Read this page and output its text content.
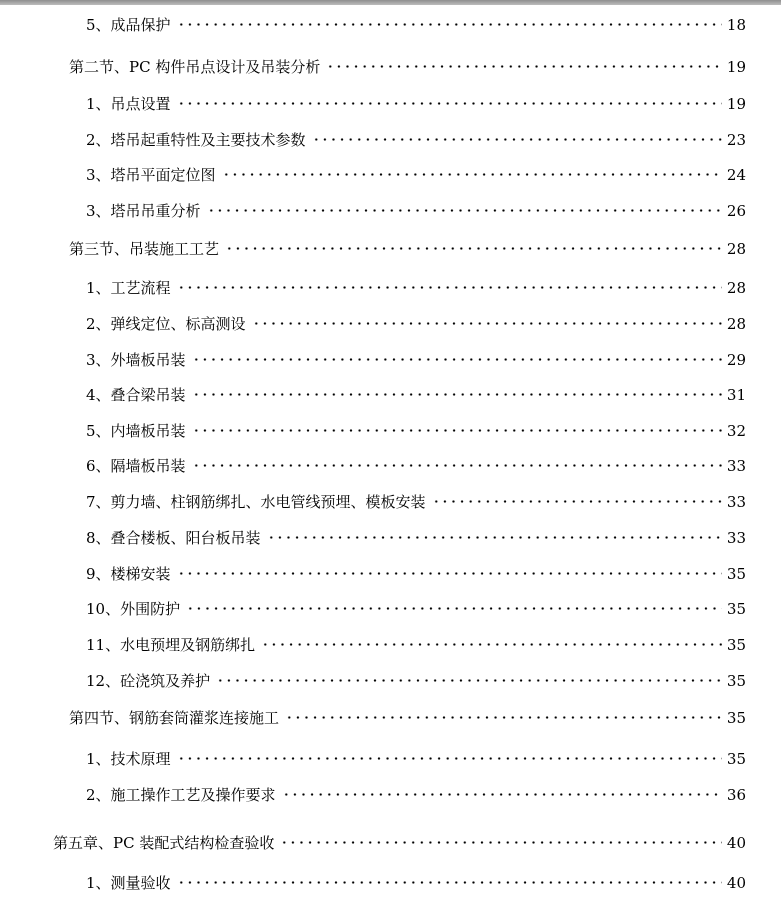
5、成品保护	18
第二节、PC 构件吊点设计及吊装分析	19
1、吊点设置	19
2、塔吊起重特性及主要技术参数	23
3、塔吊平面定位图	24
3、塔吊吊重分析	26
第三节、吊装施工工艺	28
1、工艺流程	28
2、弹线定位、标高测设	28
3、外墙板吊装	29
4、叠合梁吊装	31
5、内墙板吊装	32
6、隔墙板吊装	33
7、剪力墙、柱钢筋绑扎、水电管线预埋、模板安装	33
8、叠合楼板、阳台板吊装	33
9、楼梯安装	35
10、外围防护	35
11、水电预埋及钢筋绑扎	35
12、砼浇筑及养护	35
第四节、钢筋套筒灌浆连接施工	35
1、技术原理	35
2、施工操作工艺及操作要求	36
第五章、PC 装配式结构检查验收	40
1、测量验收	40
